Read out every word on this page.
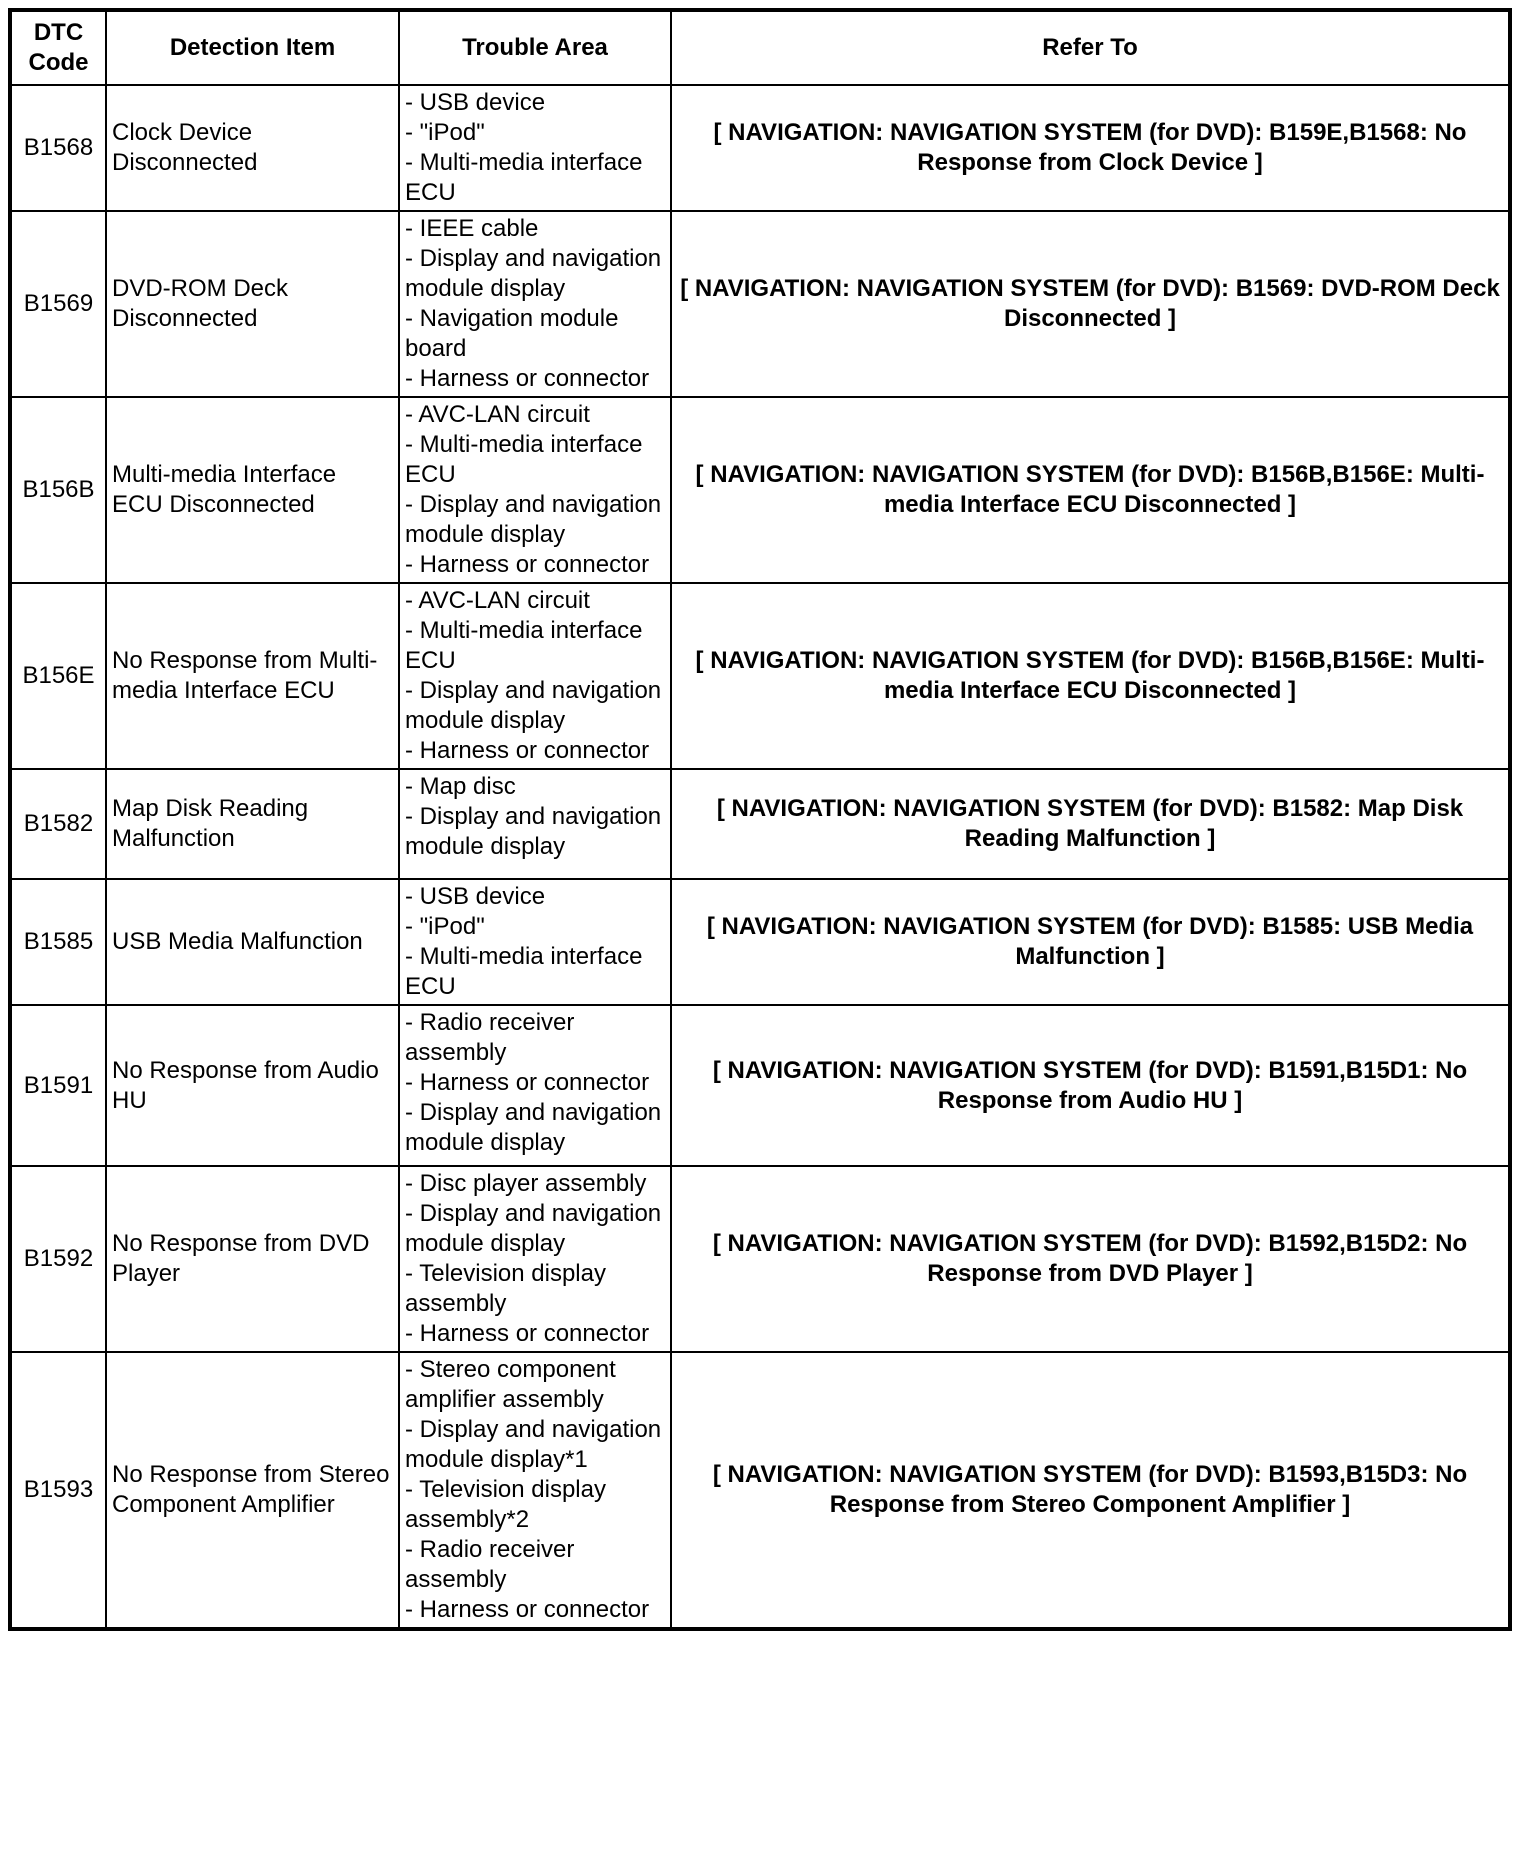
DTC Code	Detection Item	Trouble Area	Refer To
B1568	Clock Device Disconnected	- USB device
- "iPod"
- Multi-media interface ECU	[ NAVIGATION: NAVIGATION SYSTEM (for DVD): B159E,B1568: No Response from Clock Device ]
B1569	DVD-ROM Deck Disconnected	- IEEE cable
- Display and navigation module display
- Navigation module board
- Harness or connector	[ NAVIGATION: NAVIGATION SYSTEM (for DVD): B1569: DVD-ROM Deck Disconnected ]
B156B	Multi-media Interface ECU Disconnected	- AVC-LAN circuit
- Multi-media interface ECU
- Display and navigation module display
- Harness or connector	[ NAVIGATION: NAVIGATION SYSTEM (for DVD): B156B,B156E: Multi-media Interface ECU Disconnected ]
B156E	No Response from Multi-media Interface ECU	- AVC-LAN circuit
- Multi-media interface ECU
- Display and navigation module display
- Harness or connector	[ NAVIGATION: NAVIGATION SYSTEM (for DVD): B156B,B156E: Multi-media Interface ECU Disconnected ]
B1582	Map Disk Reading Malfunction	- Map disc
- Display and navigation module display	[ NAVIGATION: NAVIGATION SYSTEM (for DVD): B1582: Map Disk Reading Malfunction ]
B1585	USB Media Malfunction	- USB device
- "iPod"
- Multi-media interface ECU	[ NAVIGATION: NAVIGATION SYSTEM (for DVD): B1585: USB Media Malfunction ]
B1591	No Response from Audio HU	- Radio receiver assembly
- Harness or connector
- Display and navigation module display	[ NAVIGATION: NAVIGATION SYSTEM (for DVD): B1591,B15D1: No Response from Audio HU ]
B1592	No Response from DVD Player	- Disc player assembly
- Display and navigation module display
- Television display assembly
- Harness or connector	[ NAVIGATION: NAVIGATION SYSTEM (for DVD): B1592,B15D2: No Response from DVD Player ]
B1593	No Response from Stereo Component Amplifier	- Stereo component amplifier assembly
- Display and navigation module display*1
- Television display assembly*2
- Radio receiver assembly
- Harness or connector	[ NAVIGATION: NAVIGATION SYSTEM (for DVD): B1593,B15D3: No Response from Stereo Component Amplifier ]
